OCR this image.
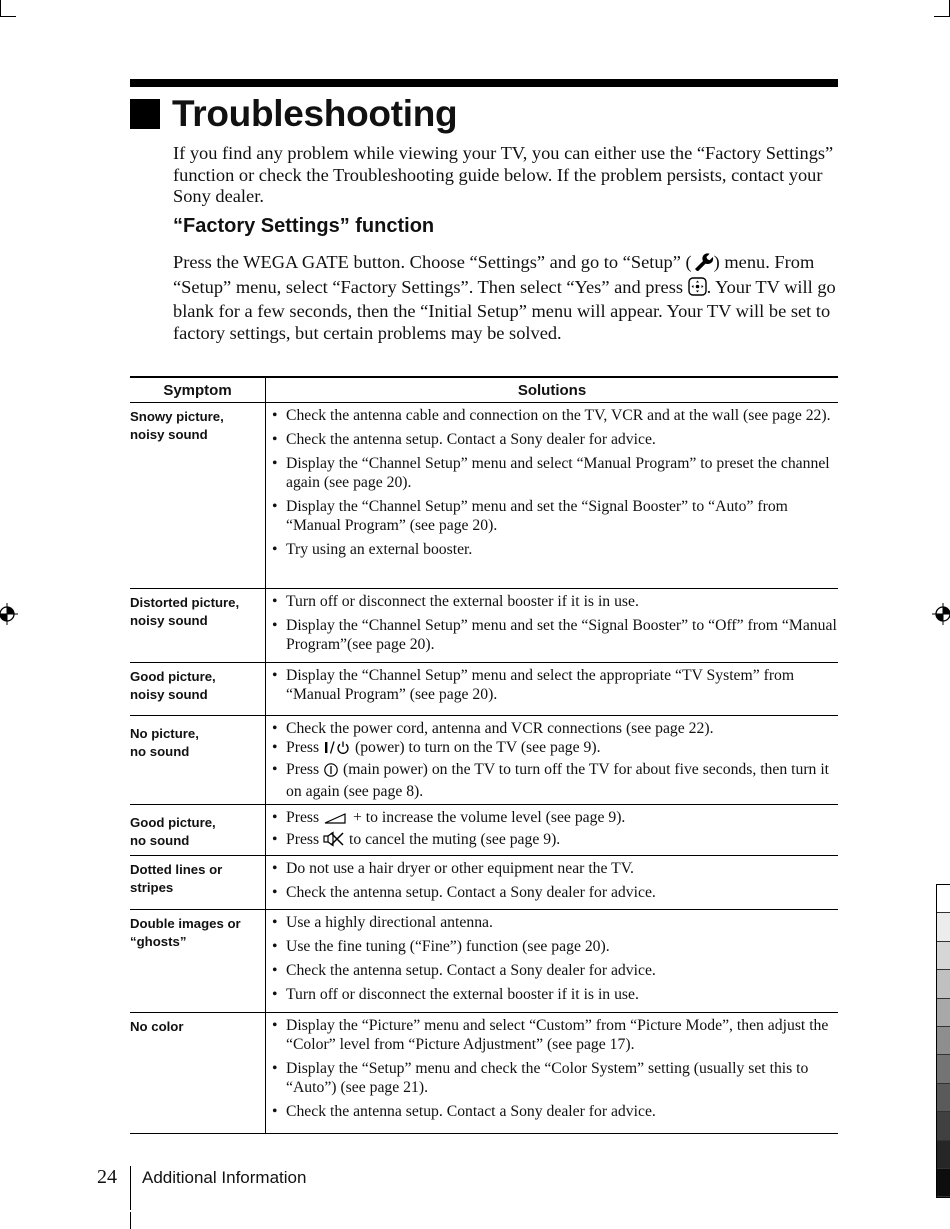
Troubleshooting

If you find any problem while viewing your TV, you can either use the “Factory Settings” function or check the Troubleshooting guide below. If the problem persists, contact your Sony dealer.

“Factory Settings” function

Press the WEGA GATE button. Choose “Settings” and go to “Setup” ( ) menu. From “Setup” menu, select “Factory Settings”. Then select “Yes” and press . Your TV will go blank for a few seconds, then the “Initial Setup” menu will appear. Your TV will be set to factory settings, but certain problems may be solved.

Symptom	Solutions
Snowy picture,
noisy sound

• Check the antenna cable and connection on the TV, VCR and at the wall (see page 22).

• Check the antenna setup. Contact a Sony dealer for advice.

• Display the “Channel Setup” menu and select “Manual Program” to preset the channel again (see page 20).

• Display the “Channel Setup” menu and set the “Signal Booster” to “Auto” from “Manual Program” (see page 20).

• Try using an external booster.

Distorted picture,
noisy sound

• Turn off or disconnect the external booster if it is in use.

• Display the “Channel Setup” menu and set the “Signal Booster” to “Off” from “Manual Program”(see page 20).

Good picture,
noisy sound

• Display the “Channel Setup” menu and select the appropriate “TV System” from “Manual Program” (see page 20).

No picture,
no sound

• Check the power cord, antenna and VCR connections (see page 22).

• Press  (power) to turn on the TV (see page 9).

• Press  (main power) on the TV to turn off the TV for about five seconds, then turn it on again (see page 8).

Good picture,
no sound

• Press  + to increase the volume level (see page 9).

• Press  to cancel the muting (see page 9).

Dotted lines or
stripes

• Do not use a hair dryer or other equipment near the TV.

• Check the antenna setup. Contact a Sony dealer for advice.

Double images or
“ghosts”

• Use a highly directional antenna.

• Use the fine tuning (“Fine”) function (see page 20).

• Check the antenna setup. Contact a Sony dealer for advice.

• Turn off or disconnect the external booster if it is in use.

No color

•	Display the “Picture” menu and select “Custom” from “Picture Mode”, then adjust the “Color” level from “Picture Adjustment” (see page 17).

• Display the “Setup” menu and check the “Color System” setting (usually set this to “Auto”) (see page 21).

• Check the antenna setup. Contact a Sony dealer for advice.

24 Additional Information
